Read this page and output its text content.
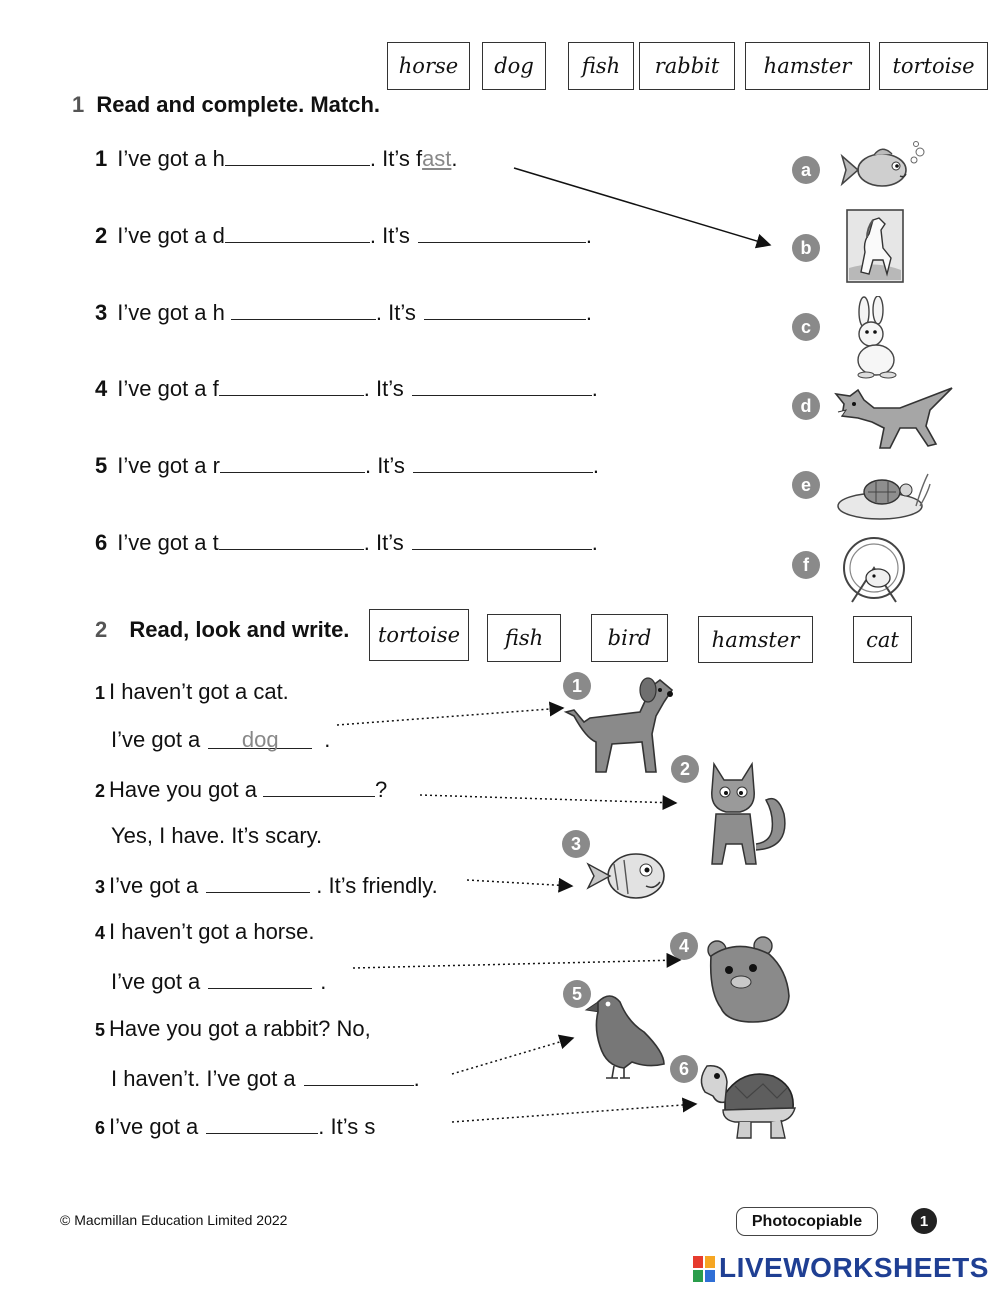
horse	dog	fish	rabbit	hamster	tortoise
1 Read and complete. Match.
1 I’ve got a h	. It’s f ast .
2 I’ve got a d	. It’s	.
3 I’ve got a h	. It’s	.
4 I’ve got a f	. It’s	.
5 I’ve got a r	. It’s	.
6 I’ve got a t	. It’s	.
a
b
c
d
e
f
2 Read, look and write.	tortoise	fish	bird	hamster	cat
1 I haven’t got a cat.
I’ve got a	dog	.
2 Have you got a	?
Yes, I have. It’s scary.
3 I’ve got a	. It’s friendly.
4 I haven’t got a horse.
I’ve got a	.
5 Have you got a rabbit? No,
I haven’t. I’ve got a	.
6 I’ve got a	. It’s s
1
2
3
4
5
6
© Macmillan Education Limited 2022	Photocopiable	1
LIVEWORKSHEETS
